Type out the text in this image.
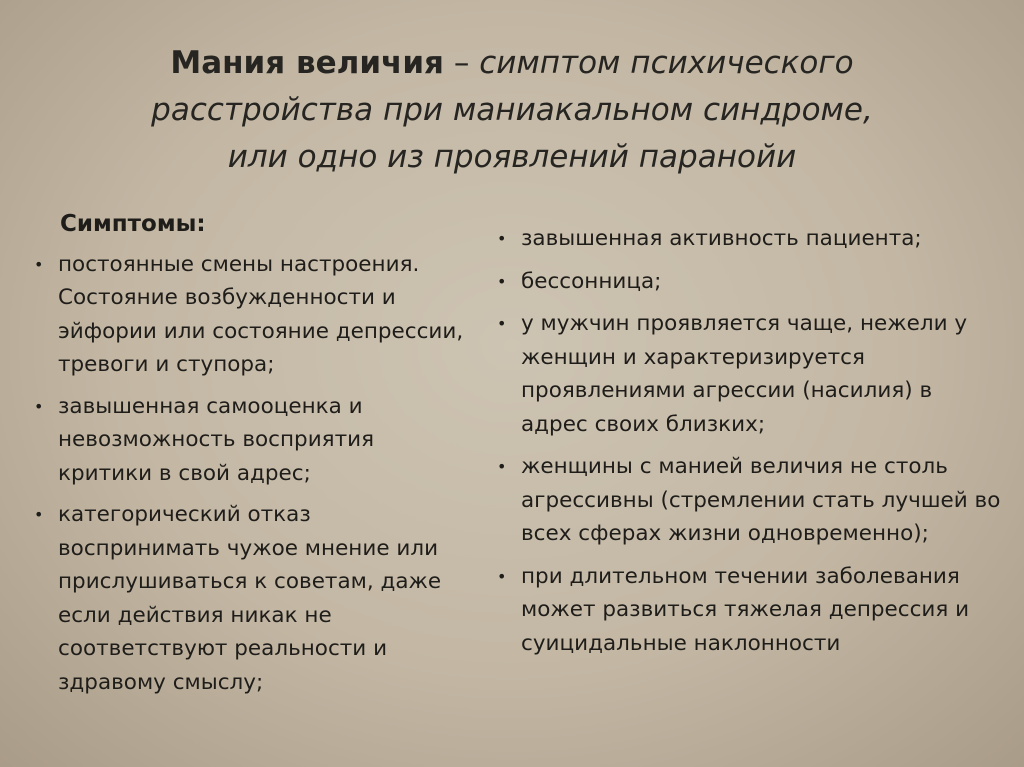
Мания величия – симптом психического
расстройства при маниакальном синдроме,
или одно из проявлений паранойи
Симптомы:
• постоянные смены настроения. Состояние возбужденности и эйфории или состояние депрессии, тревоги и ступора;
• завышенная самооценка и невозможность восприятия критики в свой адрес;
• категорический отказ воспринимать чужое мнение или прислушиваться к советам, даже если действия никак не соответствуют реальности и здравому смыслу;
• завышенная активность пациента;
• бессонница;
• у мужчин проявляется чаще, нежели у женщин и характеризируется проявлениями агрессии (насилия) в адрес своих близких;
• женщины с манией величия не столь агрессивны (стремлении стать лучшей во всех сферах жизни одновременно);
• при длительном течении заболевания может развиться тяжелая депрессия и суицидальные наклонности
